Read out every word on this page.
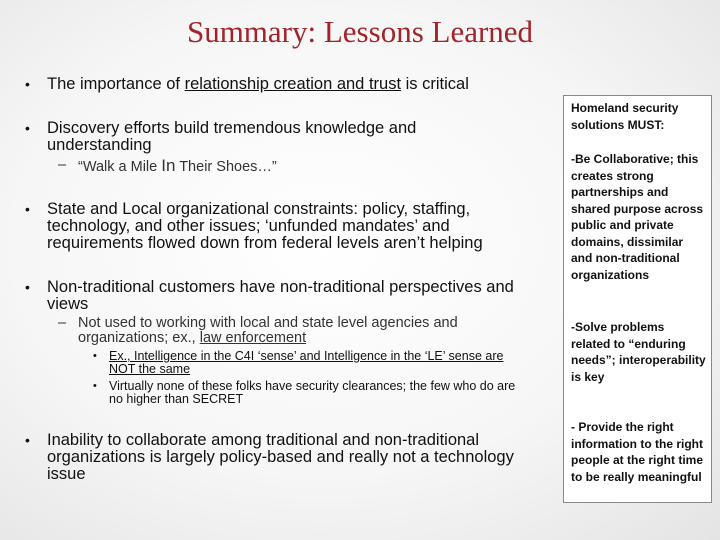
Summary: Lessons Learned
• The importance of relationship creation and trust is critical
• Discovery efforts build tremendous knowledge and understanding
– “Walk a Mile In Their Shoes…”
• State and Local organizational constraints: policy, staffing, technology, and other issues; ‘unfunded mandates’ and requirements flowed down from federal levels aren’t helping
• Non-traditional customers have non-traditional perspectives and views
– Not used to working with local and state level agencies and organizations; ex., law enforcement
• Ex., Intelligence in the C4I ‘sense’ and Intelligence in the ‘LE’ sense are NOT the same
• Virtually none of these folks have security clearances; the few who do are no higher than SECRET
• Inability to collaborate among traditional and non-traditional organizations is largely policy-based and really not a technology issue
Homeland security solutions MUST:
-Be Collaborative; this creates strong partnerships and shared purpose across public and private domains, dissimilar and non-traditional organizations
-Solve problems related to “enduring needs”; interoperability is key
- Provide the right information to the right people at the right time to be really meaningful
